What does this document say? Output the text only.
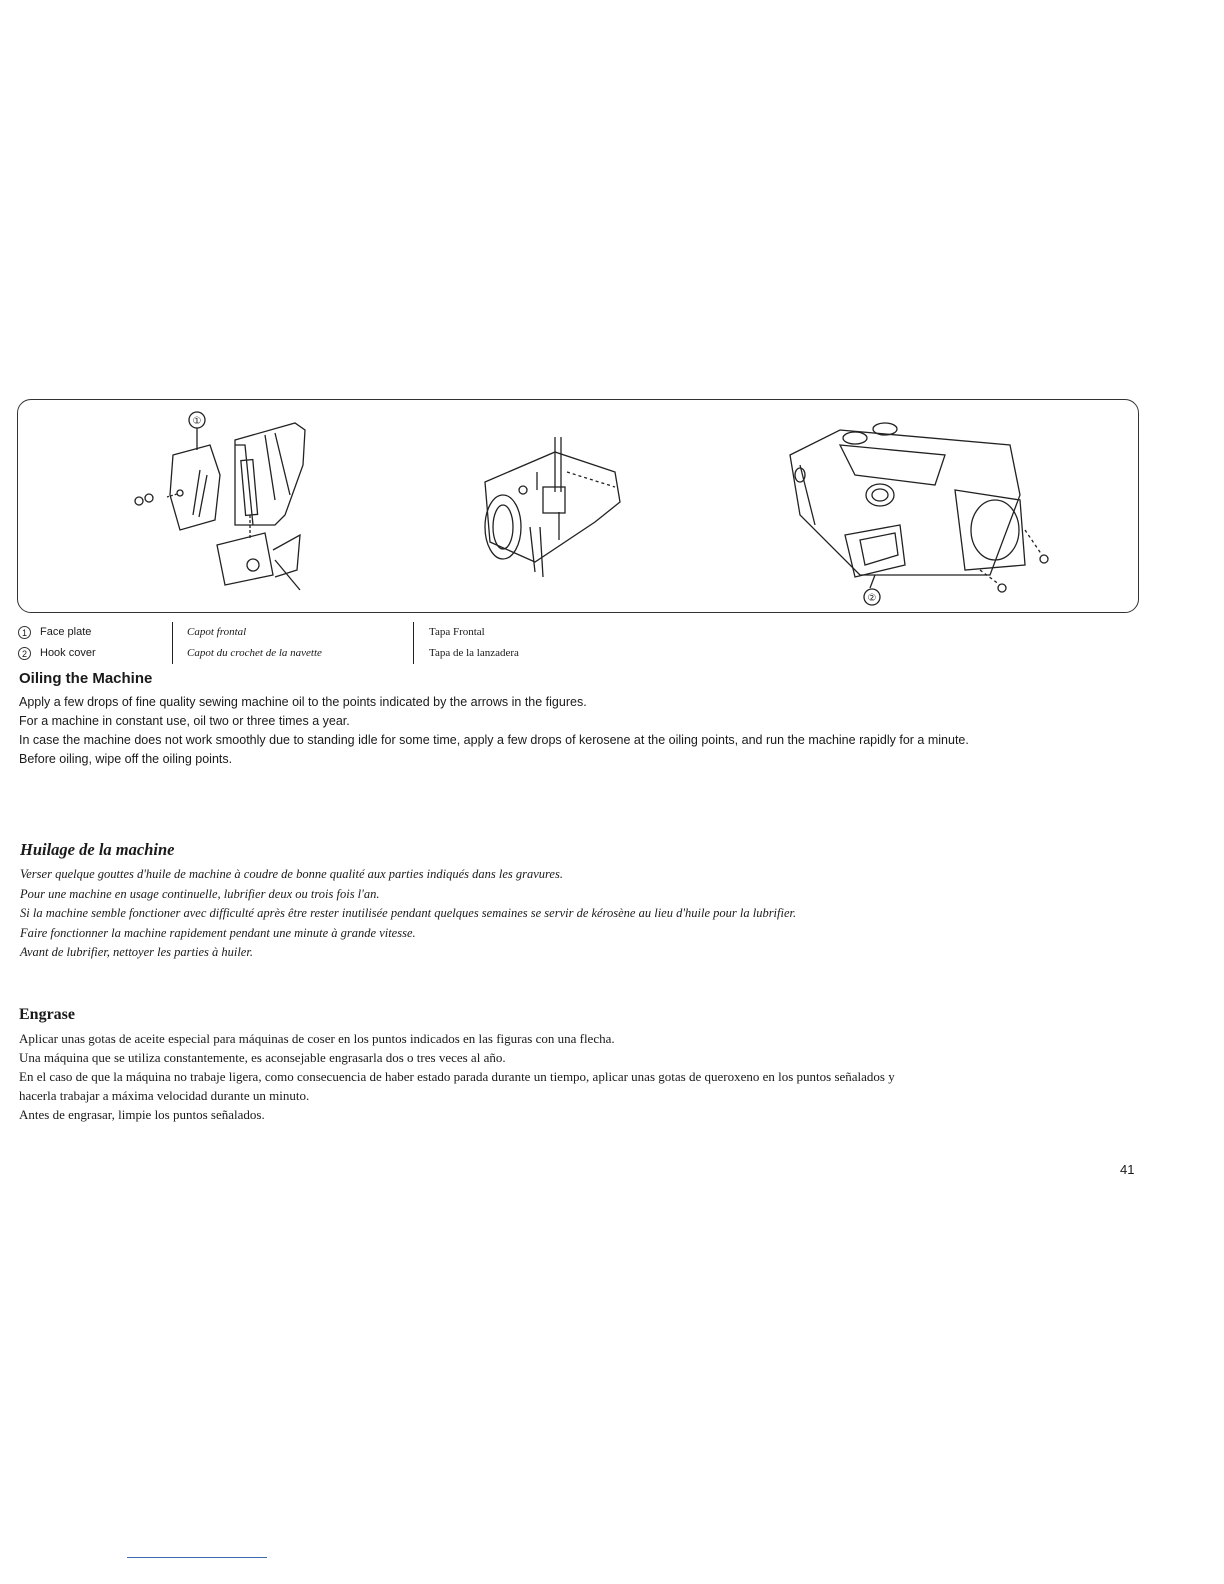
①
②
1	Face plate
2	Hook cover
Capot frontal
Capot du crochet de la navette
Tapa Frontal
Tapa de la lanzadera
Oiling the Machine

Apply a few drops of fine quality sewing machine oil to the points indicated by the arrows in the figures.

For a machine in constant use, oil two or three times a year.

In case the machine does not work smoothly due to standing idle for some time, apply a few drops of kerosene at the oiling points, and run the machine rapidly for a minute.

Before oiling, wipe off the oiling points.

Huilage de la machine

Verser quelque gouttes d'huile de machine à coudre de bonne qualité aux parties indiqués dans les gravures.

Pour une machine en usage continuelle, lubrifier deux ou trois fois l'an.

Si la machine semble fonctioner avec difficulté après être rester inutilisée pendant quelques semaines se servir de kérosène au lieu d'huile pour la lubrifier.

Faire fonctionner la machine rapidement pendant une minute à grande vitesse.

Avant de lubrifier, nettoyer les parties à huiler.

Engrase

Aplicar unas gotas de aceite especial para máquinas de coser en los puntos indicados en las figuras con una flecha.

Una máquina que se utiliza constantemente, es aconsejable engrasarla dos o tres veces al año.

En el caso de que la máquina no trabaje ligera, como consecuencia de haber estado parada durante un tiempo, aplicar unas gotas de queroxeno en los puntos señalados y

hacerla trabajar a máxima velocidad durante un minuto.

Antes de engrasar, limpie los puntos señalados.

41
